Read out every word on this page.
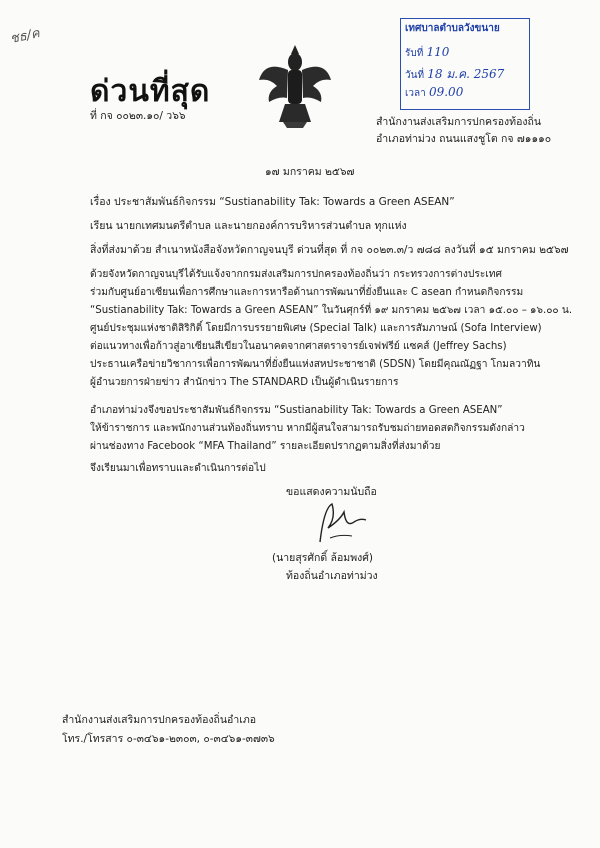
ชธ/ค
ด่วนที่สุด
ที่ กจ ๐๐๒๓.๑๐/ ว๖๖
เทศบาลตำบลวังขนาย
รับที่ 110
วันที่ 18 ม.ค. 2567
เวลา 09.00
สำนักงานส่งเสริมการปกครองท้องถิ่น
อำเภอท่าม่วง ถนนแสงชูโต กจ ๗๑๑๑๐
๑๗ มกราคม ๒๕๖๗
เรื่อง ประชาสัมพันธ์กิจกรรม “Sustianability Tak: Towards a Green ASEAN”
เรียน นายกเทศมนตรีตำบล และนายกองค์การบริหารส่วนตำบล ทุกแห่ง
สิ่งที่ส่งมาด้วย สำเนาหนังสือจังหวัดกาญจนบุรี ด่วนที่สุด ที่ กจ ๐๐๒๓.๓/ว ๗๘๘ ลงวันที่ ๑๕ มกราคม ๒๕๖๗
ด้วยจังหวัดกาญจนบุรีได้รับแจ้งจากกรมส่งเสริมการปกครองท้องถิ่นว่า กระทรวงการต่างประเทศ
ร่วมกับศูนย์อาเซียนเพื่อการศึกษาและการหารือด้านการพัฒนาที่ยั่งยืนและ C asean กำหนดกิจกรรม
“Sustianability Tak: Towards a Green ASEAN” ในวันศุกร์ที่ ๑๙ มกราคม ๒๕๖๗ เวลา ๑๕.๐๐ – ๑๖.๐๐ น.
ศูนย์ประชุมแห่งชาติสิริกิติ์ โดยมีการบรรยายพิเศษ (Special Talk) และการสัมภาษณ์ (Sofa Interview)
ต่อแนวทางเพื่อก้าวสู่อาเซียนสีเขียวในอนาคตจากศาสตราจารย์เจฟฟรีย์ แซคส์ (Jeffrey Sachs)
ประธานเครือข่ายวิชาการเพื่อการพัฒนาที่ยั่งยืนแห่งสหประชาชาติ (SDSN) โดยมีคุณณัฏฐา โกมลวาทิน
ผู้อำนวยการฝ่ายข่าว สำนักข่าว The STANDARD เป็นผู้ดำเนินรายการ
อำเภอท่าม่วงจึงขอประชาสัมพันธ์กิจกรรม “Sustianability Tak: Towards a Green ASEAN”
ให้ข้าราชการ และพนักงานส่วนท้องถิ่นทราบ หากมีผู้สนใจสามารถรับชมถ่ายทอดสดกิจกรรมดังกล่าว
ผ่านช่องทาง Facebook “MFA Thailand” รายละเอียดปรากฏตามสิ่งที่ส่งมาด้วย
จึงเรียนมาเพื่อทราบและดำเนินการต่อไป
ขอแสดงความนับถือ
(นายสุรศักดิ์ ล้อมพงศ์)
ท้องถิ่นอำเภอท่าม่วง
สำนักงานส่งเสริมการปกครองท้องถิ่นอำเภอ
โทร./โทรสาร ๐-๓๔๖๑-๒๓๐๓, ๐-๓๔๖๑-๓๗๓๖
